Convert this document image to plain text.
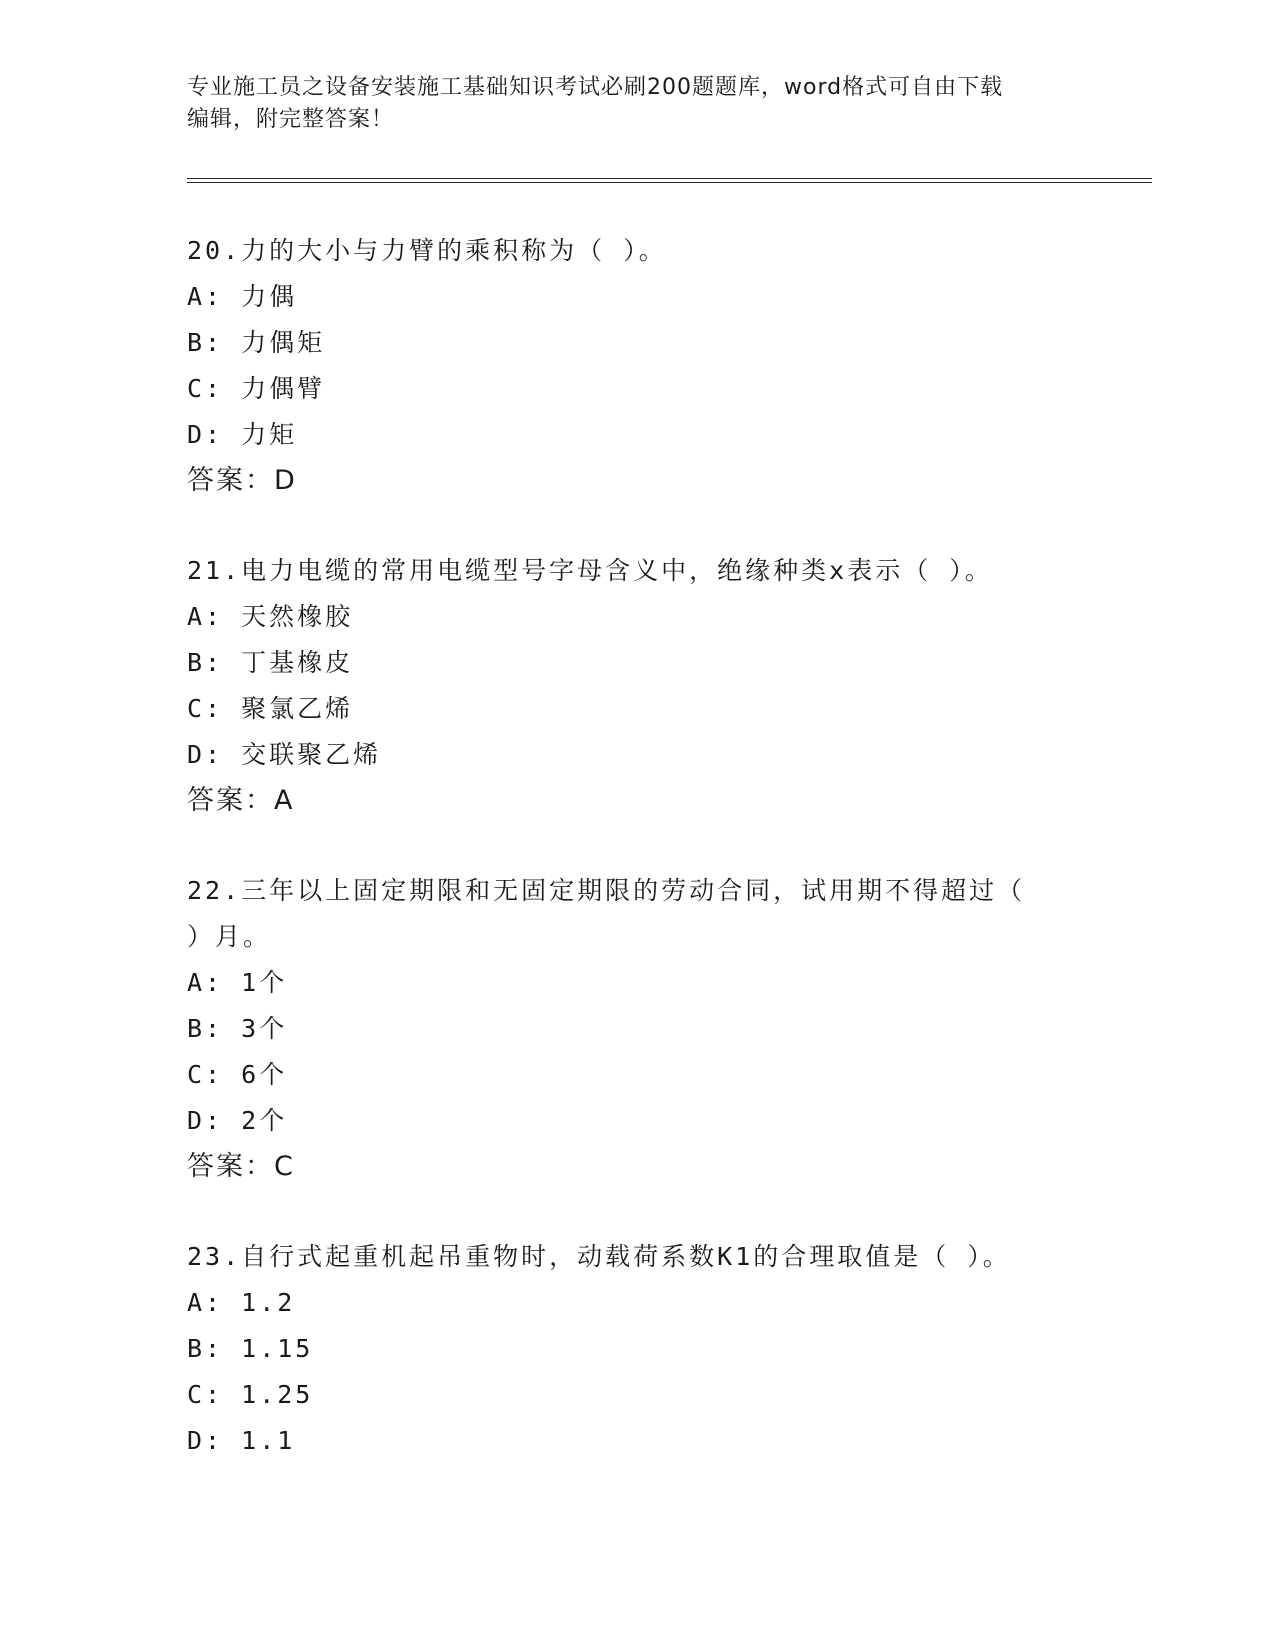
专业施工员之设备安装施工基础知识考试必刷200题题库，word格式可自由下载
编辑，附完整答案！
20.力的大小与力臂的乘积称为（ ）。
A: 力偶
B: 力偶矩
C: 力偶臂
D: 力矩
答案：D
21.电力电缆的常用电缆型号字母含义中，绝缘种类x表示（ ）。
A: 天然橡胶
B: 丁基橡皮
C: 聚氯乙烯
D: 交联聚乙烯
答案：A
22.三年以上固定期限和无固定期限的劳动合同，试用期不得超过（
）月。
A: 1个
B: 3个
C: 6个
D: 2个
答案：C
23.自行式起重机起吊重物时，动载荷系数K1的合理取值是（ ）。
A: 1.2
B: 1.15
C: 1.25
D: 1.1
